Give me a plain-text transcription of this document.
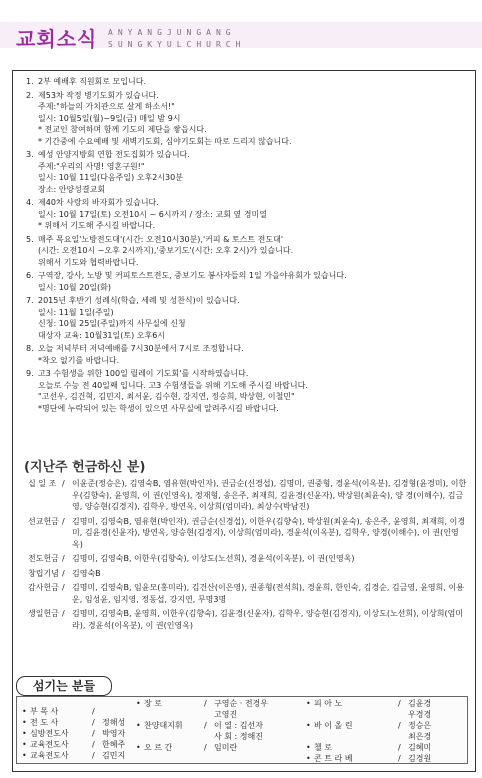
교회소식 ANYANGJUNGANG
SUNGKYULCHURCH
1. 2부 예배후 직원회로 모입니다.
2. 제53차 작정 병기도회가 있습니다.
주제:"하늘의 가치관으로 살게 하소서!"
일시: 10월5일(월)~9일(금) 매일 밤 9시
* 전교인 참여하며 함께 기도의 제단을 쌓읍시다.
* 기간중에 수요예배 및 새벽기도회, 심야기도회는 따로 드리지 않습니다.
3. 예성 안양지방회 연합 전도집회가 있습니다.
주제:"우리의 사명! 영혼구원!"
일시: 10월 11일(다음주일) 오후2시30분
장소: 안양성결교회
4. 제40차 사랑의 바자회가 있습니다.
일시: 10월 17일(토) 오전10시 ~ 6시까지 / 장소: 교회 옆 경미열
* 위해서 기도해 주시길 바랍니다.
5. 매주 목요일'노방전도대'(시간: 오전10시30분),'커피 & 토스트 전도대'
(시간: 오전10시 ~오후 2시까지),'중보기도'(시간: 오후 2시)가 있습니다.
위해서 기도와 협력바랍니다.
6. 구역장, 강사, 노방 및 커피토스트전도, 중보기도 봉사자들의 1일 가을야유회가 있습니다.
일시: 10월 20일(화)
7. 2015년 후반기 성례식(학습, 세례 및 성찬식)이 있습니다.
일시: 11월 1일(주일)
신청: 10월 25일(주일)까지 사무실에 신청
대상자 교육: 10월31일(토) 오후6시
8. 오늘 저녁부터 저녁예배를 7시30분에서 7시로 조정합니다.
*착오 없기를 바랍니다.
9. 고3 수험생을 위한 100일 릴레이 기도회'를 시작하였습니다.
오늘로 수능 전 40일째 입니다. 고3 수험생들을 위해 기도해 주시길 바랍니다.
"고선우, 김건혁, 김민지, 최서윤, 김수현, 강지연, 정승희, 박상현, 이철민"
*명단에 누락되어 있는 학생이 있으면 사무실에 알려주시길 바랍니다.
(지난주 헌금하신 분)
십 일 조 / 이윤준(정승은), 김영숙B, 염유현(박인자), 권금순(신경섭), 김명미, 권중형, 경윤석(이옥분), 김경형(윤경미), 이한우(김향숙), 윤영희, 이 권(인영옥), 정재형, 송은주, 최재희, 김윤경(신윤자), 박상원(최윤숙), 양 경(이해수), 김금영, 양승현(김경지), 김학우, 방연옥, 이상희(엄미라), 최상수(박남진)
선교헌금 / 김명미, 김영숙B, 염유현(박인자), 권금순(신경섭), 이한우(김향숙), 박상원(최윤숙), 송은주, 윤영희, 최재희, 이경미, 김윤경(신윤자), 방연옥, 양승현(김경지), 이상희(엄미라), 경윤석(이옥분), 김학우, 양경(이해수), 이 권(인영옥)
전도헌금 / 김명미, 김영숙B, 이한우(김향숙), 이상도(노선희), 경윤석(이옥분), 이 권(인영옥)
창립기념 / 김영숙B
감사헌금 / 김명미, 김영숙B, 임윤모(홍미라), 김건산(이은영), 권종형(전석희), 경윤희, 한인숙, 김경순, 김금영, 윤영희, 이용운, 임성윤, 임지영, 정동섭, 강지연, 무명3명
생일헌금 / 김명미, 김영숙B, 윤영희, 이한우(김향숙), 김윤경(신윤자), 김학우, 양승현(김경지), 이상도(노선희), 이상희(엄미라), 경윤석(이옥분), 이 권(인영옥)
섬기는 분들
• 부 목 사	/
• 전 도 사	/ 정해성
• 심방전도사	/ 박영자
• 교육전도사	/ 한혜주
• 교육전도사	/ 김민지
• 장 로	/ 구영순 · 전경우
고영진
• 찬양대지휘	/ 이 열 : 김선자
사 회 : 정해진
• 오 르 간	/ 임미란
• 피 아 노	/ 김윤경
우경경
• 바 이 올 린	/ 정승은
최은경
• 첼 로	/ 김혜미
• 콘 트 라 베	/ 김경원
